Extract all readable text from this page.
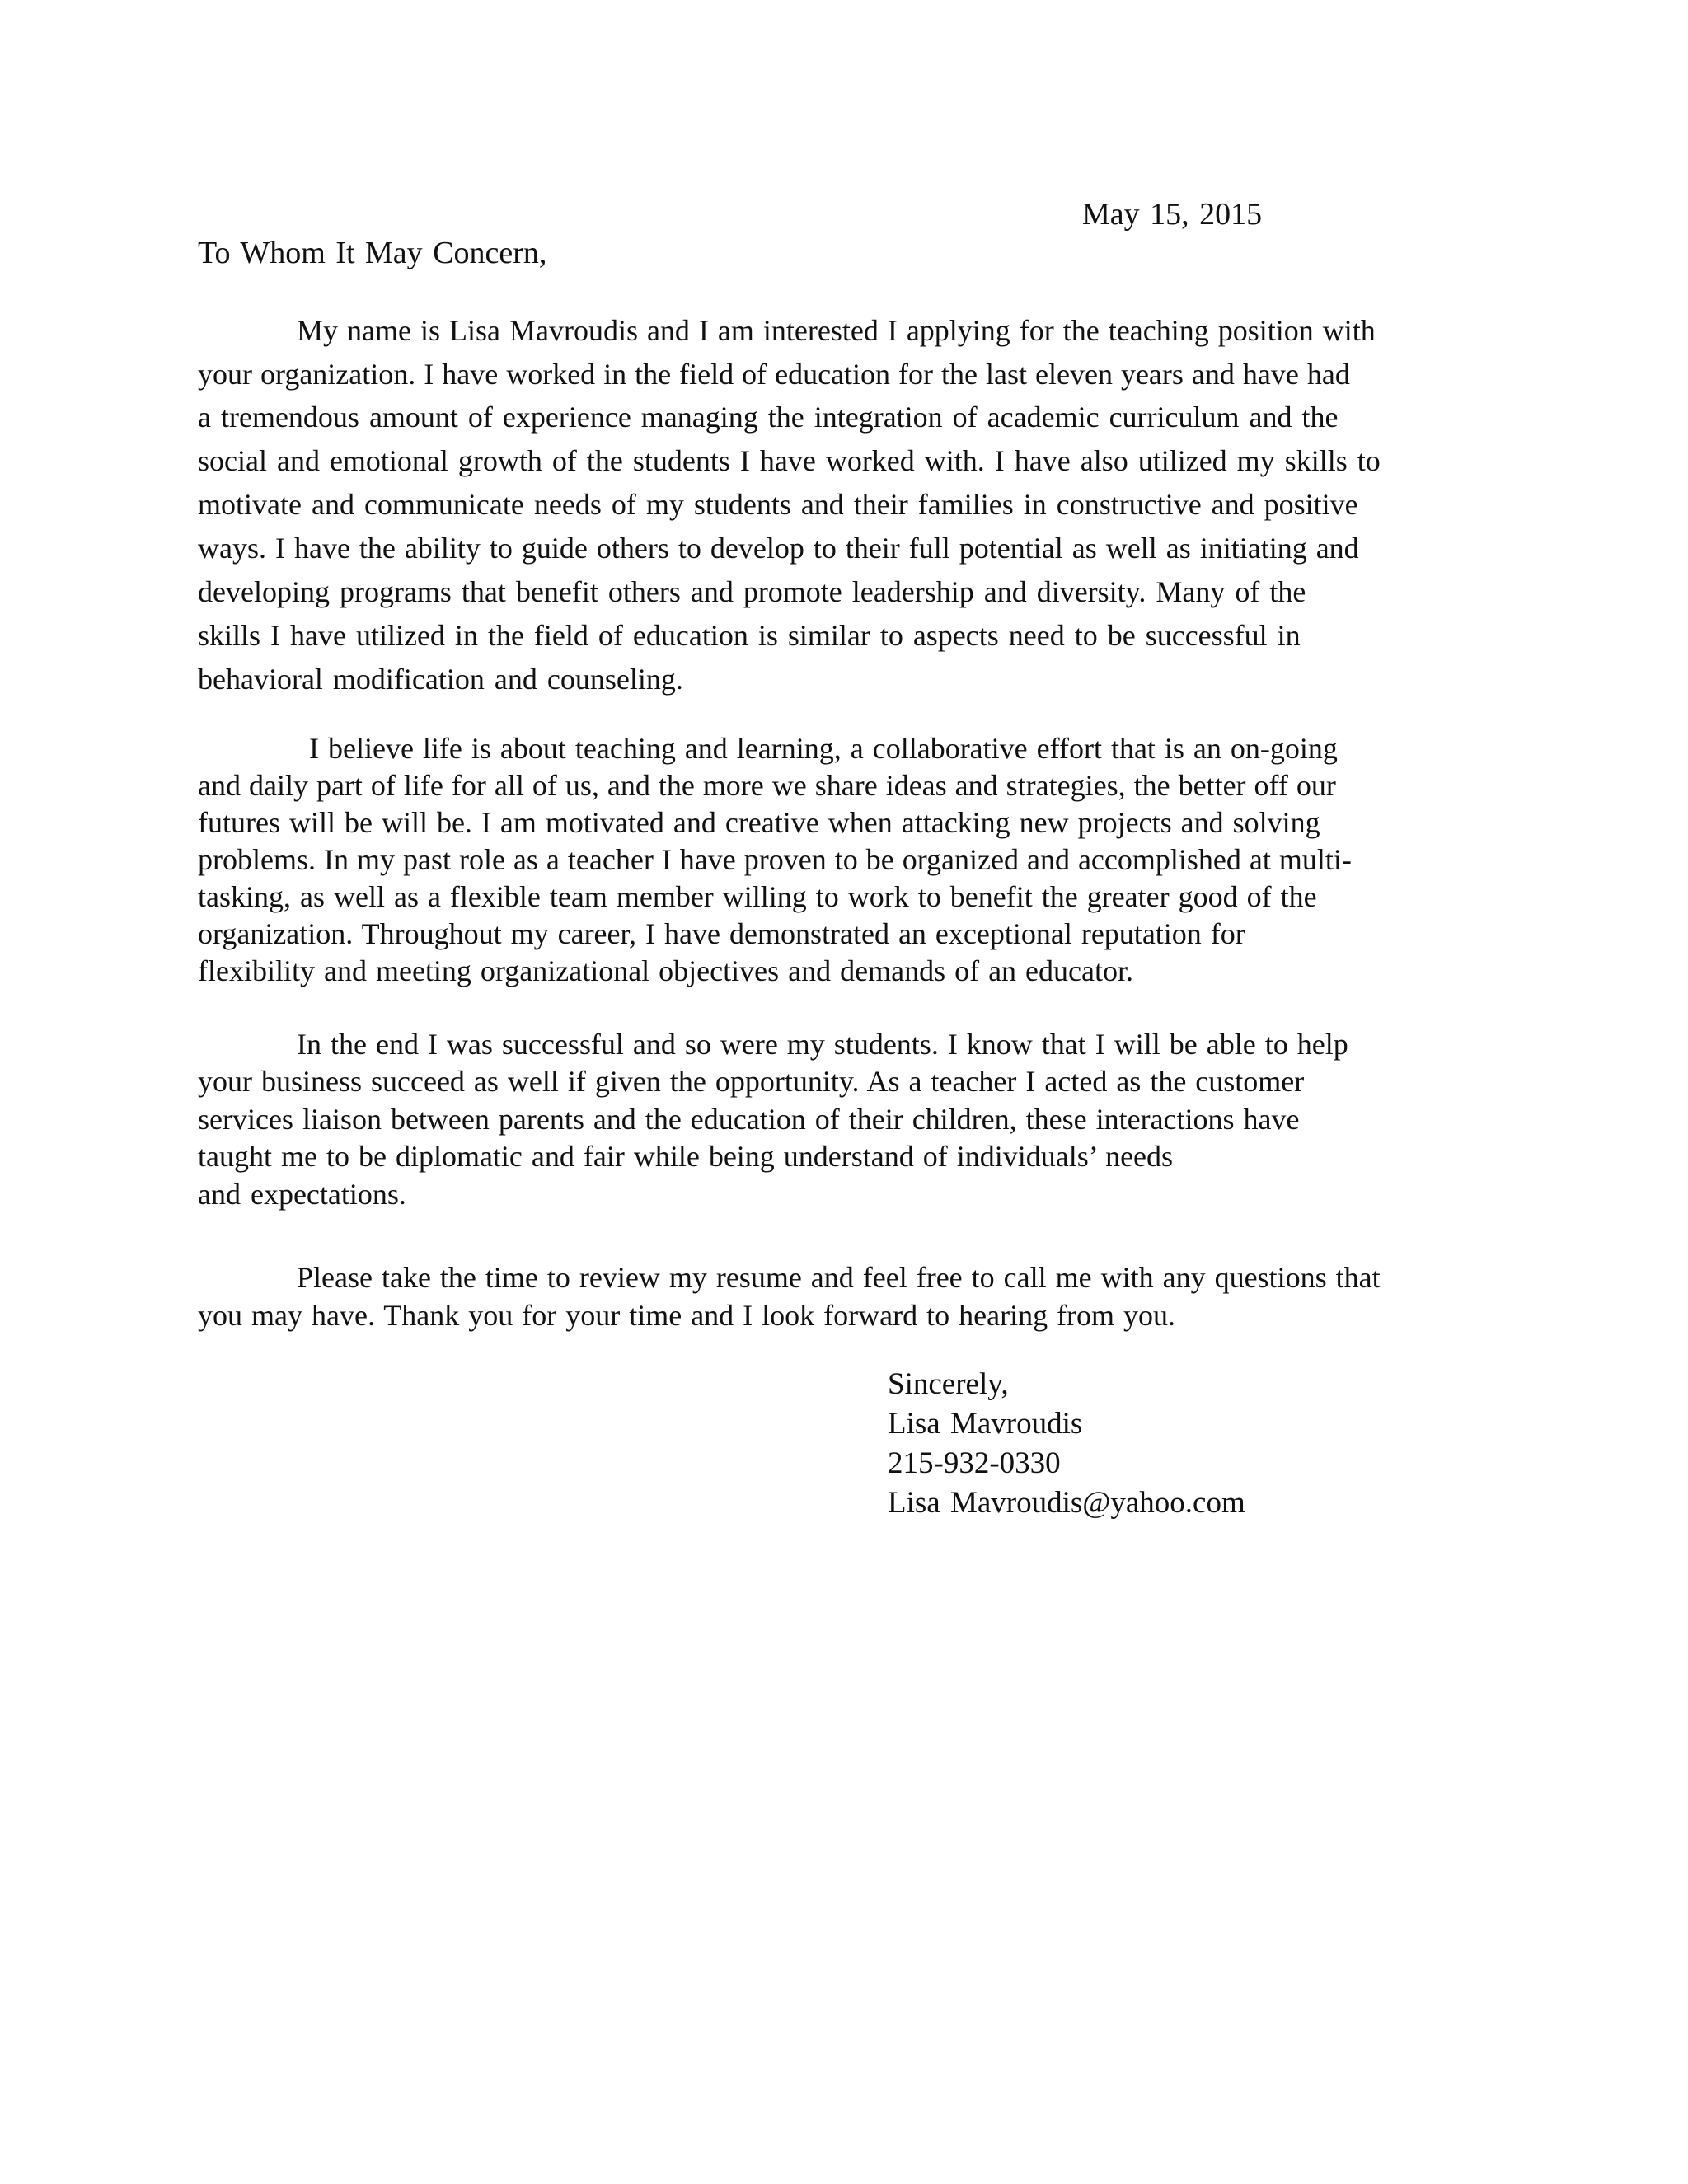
May 15, 2015
To Whom It May Concern,
My name is Lisa Mavroudis and I am interested I applying for the teaching position with
your organization. I have worked in the field of education for the last eleven years and have had
a tremendous amount of experience managing the integration of academic curriculum and the
social and emotional growth of the students I have worked with. I have also utilized my skills to
motivate and communicate needs of my students and their families in constructive and positive
ways. I have the ability to guide others to develop to their full potential as well as initiating and
developing programs that benefit others and promote leadership and diversity. Many of the
skills I have utilized in the field of education is similar to aspects need to be successful in
behavioral modification and counseling.
I believe life is about teaching and learning, a collaborative effort that is an on-going
and daily part of life for all of us, and the more we share ideas and strategies, the better off our
futures will be will be. I am motivated and creative when attacking new projects and solving
problems. In my past role as a teacher I have proven to be organized and accomplished at multi-
tasking, as well as a flexible team member willing to work to benefit the greater good of the
organization. Throughout my career, I have demonstrated an exceptional reputation for
flexibility and meeting organizational objectives and demands of an educator.
In the end I was successful and so were my students. I know that I will be able to help
your business succeed as well if given the opportunity. As a teacher I acted as the customer
services liaison between parents and the education of their children, these interactions have
taught me to be diplomatic and fair while being understand of individuals’ needs
and expectations.
Please take the time to review my resume and feel free to call me with any questions that
you may have. Thank you for your time and I look forward to hearing from you.
Sincerely,
Lisa Mavroudis
215-932-0330
Lisa Mavroudis@yahoo.com
